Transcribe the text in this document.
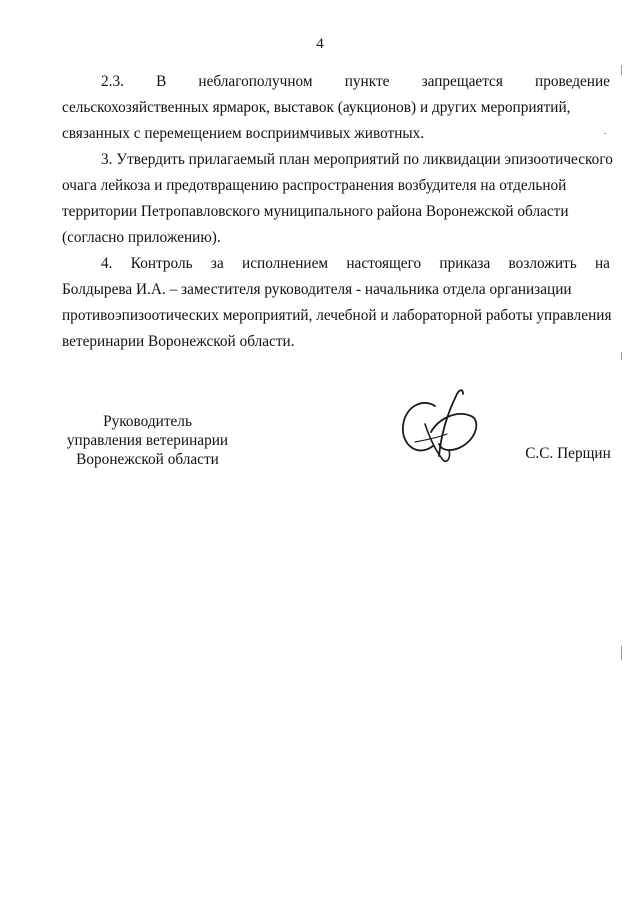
4
2.3. В неблагополучном пункте запрещается проведение
сельскохозяйственных ярмарок, выставок (аукционов) и других мероприятий,
связанных с перемещением восприимчивых животных.
3. Утвердить прилагаемый план мероприятий по ликвидации эпизоотического
очага лейкоза и предотвращению распространения возбудителя на отдельной
территории Петропавловского муниципального района Воронежской области
(согласно приложению).
4. Контроль за исполнением настоящего приказа возложить на
Болдырева И.А. – заместителя руководителя - начальника отдела организации
противоэпизоотических мероприятий, лечебной и лабораторной работы управления
ветеринарии Воронежской области.
Руководитель
управления ветеринарии
Воронежской области	С.С. Перщин
